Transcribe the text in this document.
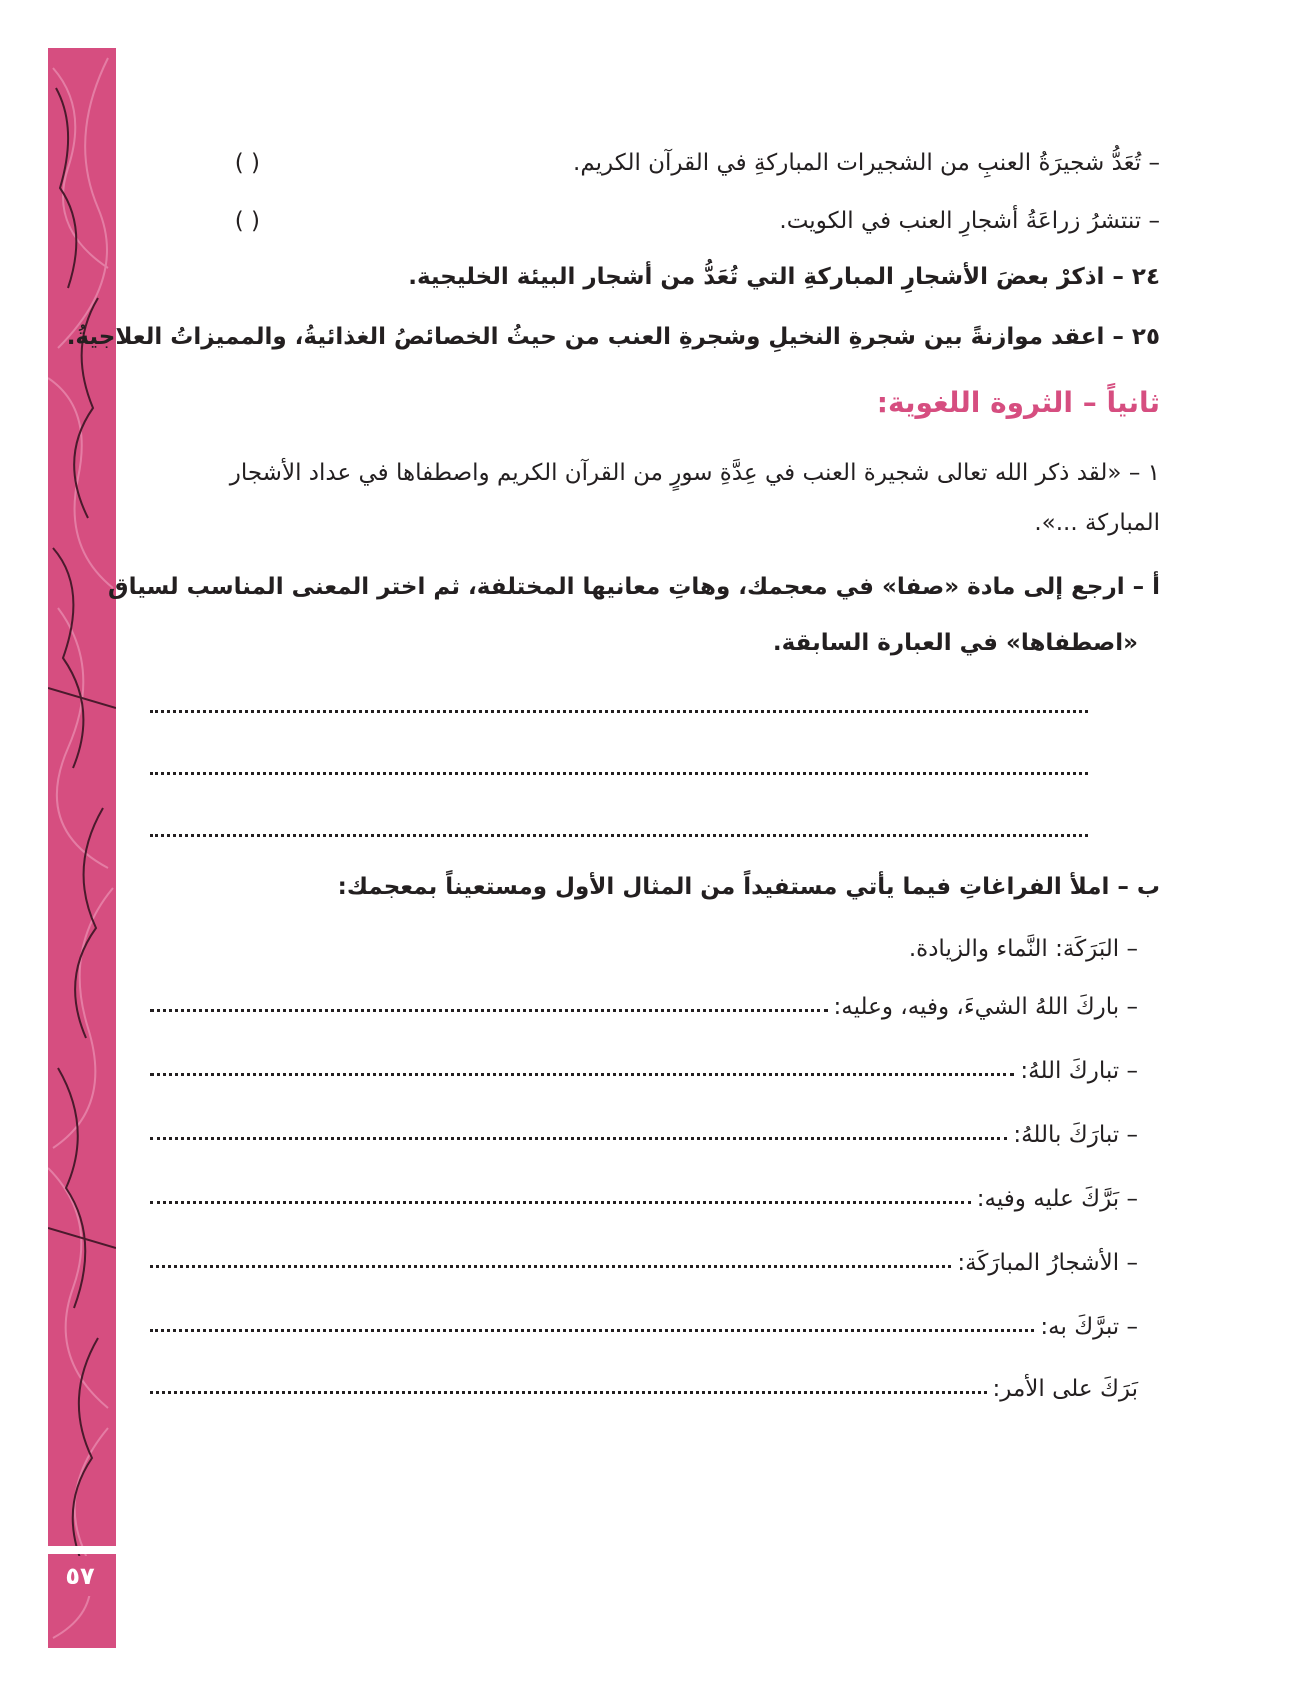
٥٧
– تُعَدُّ شجيرَةُ العنبِ من الشجيرات المباركةِ في القرآن الكريم.
( )
– تنتشرُ زراعَةُ أشجارِ العنب في الكويت.
( )
٢٤ – اذكرْ بعضَ الأشجارِ المباركةِ التي تُعَدُّ من أشجار البيئة الخليجية.
٢٥ – اعقد موازنةً بين شجرةِ النخيلِ وشجرةِ العنب من حيثُ الخصائصُ الغذائيةُ، والمميزاتُ العلاجيةُ.
ثانياً – الثروة اللغوية:
١ – «لقد ذكر الله تعالى شجيرة العنب في عِدَّةِ سورٍ من القرآن الكريم واصطفاها في عداد الأشجار
المباركة ...».
أ – ارجع إلى مادة «صفا» في معجمك، وهاتِ معانيها المختلفة، ثم اختر المعنى المناسب لسياق
«اصطفاها» في العبارة السابقة.
ب – املأ الفراغاتِ فيما يأتي مستفيداً من المثال الأول ومستعيناً بمعجمك:
– البَرَكَة: النَّماء والزيادة.
– باركَ اللهُ الشيءَ، وفيه، وعليه:
– تباركَ اللهُ:
– تبارَكَ باللهُ:
– بَرَّكَ عليه وفيه:
– الأشجارُ المبارَكَة:
– تبرَّكَ به:
بَرَكَ على الأمر:
